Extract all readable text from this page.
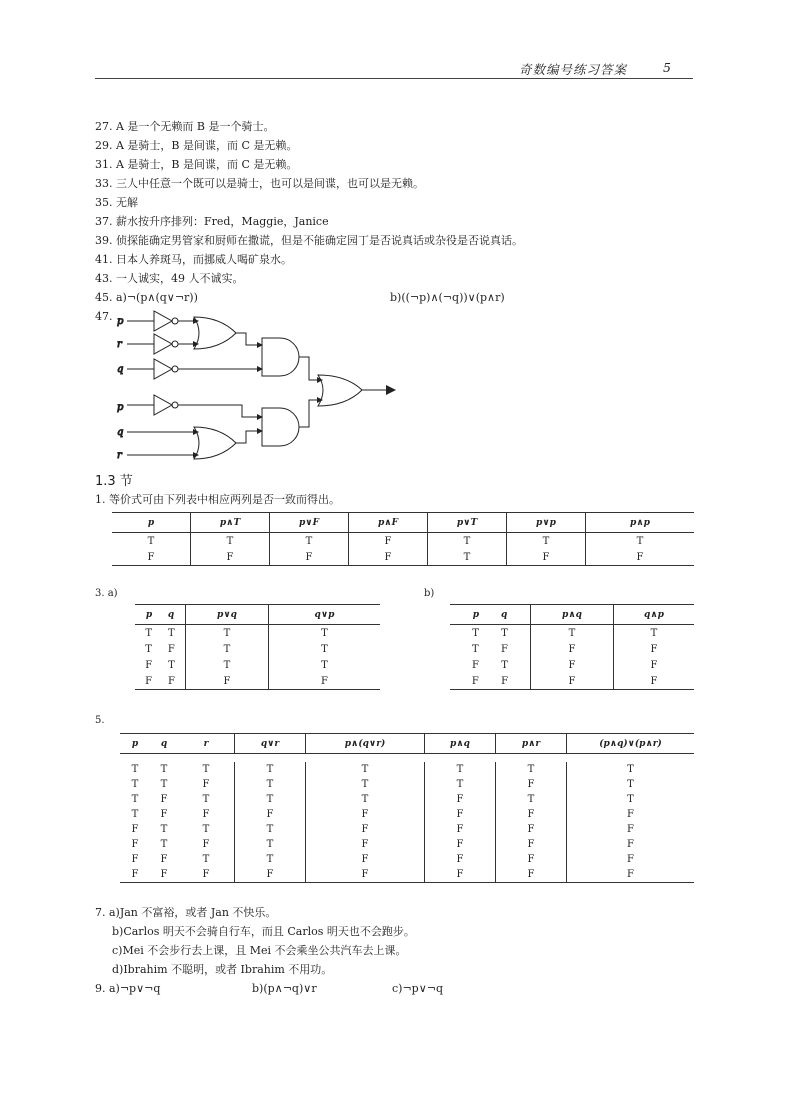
奇数编号练习答案	5
27. A 是一个无赖而 B 是一个骑士。
29. A 是骑士，B 是间谍，而 C 是无赖。
31. A 是骑士，B 是间谍，而 C 是无赖。
33. 三人中任意一个既可以是骑士，也可以是间谍，也可以是无赖。
35. 无解
37. 薪水按升序排列：Fred，Maggie，Janice
39. 侦探能确定男管家和厨师在撒谎，但是不能确定园丁是否说真话或杂役是否说真话。
41. 日本人养斑马，而挪威人喝矿泉水。
43. 一人诚实，49 人不诚实。
45. a)¬(p∧(q∨¬r))	b)((¬p)∧(¬q))∨(p∧r)
47. p
r
q
p
q
r
1.3 节
1. 等价式可由下列表中相应两列是否一致而得出。
p	p∧T	p∨F	p∧F	p∨T	p∨p	p∧p
T	T	T	F	T	T	T
F	F	F	F	T	F	F
3. a)	b)
p q	p∨q	q∨p
T T	T	T
T F	T	T
F T	T	T
F F	F	F
p q	p∧q	q∧p
T T	T	T
T F	F	F
F T	F	F
F F	F	F
5.
p	q	r	q∨r	p∧(q∨r)	p∧q	p∧r	(p∧q)∨(p∧r)
T	T	T	T	T	T	T	T
T	T	F	T	T	T	F	T
T	F	T	T	T	F	T	T
T	F	F	F	F	F	F	F
F	T	T	T	F	F	F	F
F	T	F	T	F	F	F	F
F	F	T	T	F	F	F	F
F	F	F	F	F	F	F	F
7. a)Jan 不富裕，或者 Jan 不快乐。
b)Carlos 明天不会骑自行车，而且 Carlos 明天也不会跑步。
c)Mei 不会步行去上课，且 Mei 不会乘坐公共汽车去上课。
d)Ibrahim 不聪明，或者 Ibrahim 不用功。
9. a)¬p∨¬q	b)(p∧¬q)∨r	c)¬p∨¬q
